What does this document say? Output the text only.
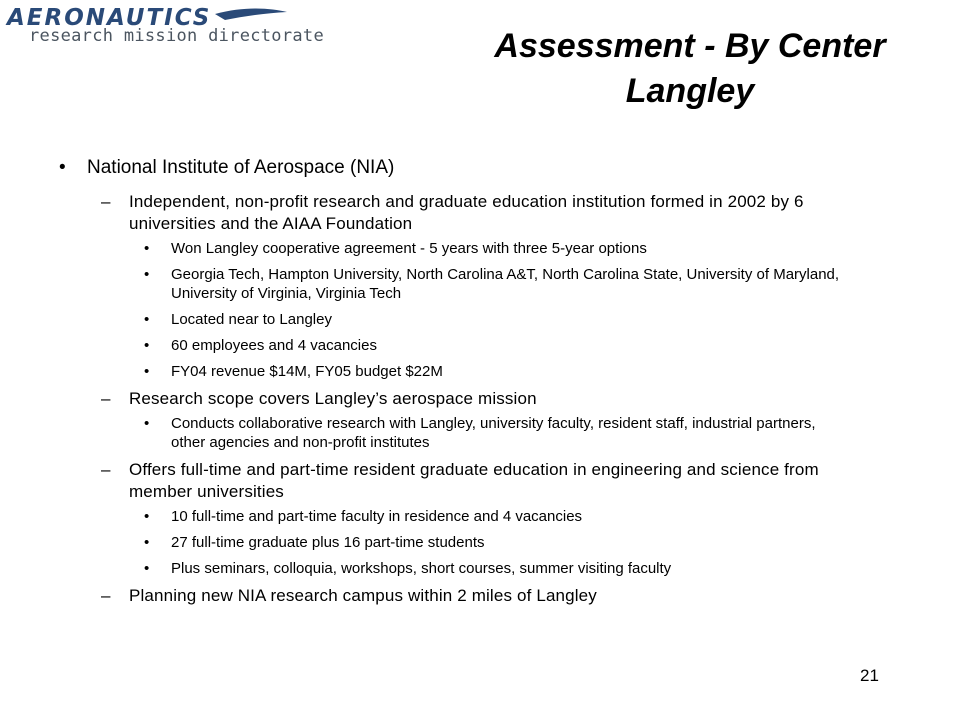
AERONAUTICS
research mission directorate	Assessment - By Center
Langley
• National Institute of Aerospace (NIA)
– Independent, non-profit research and graduate education institution formed in 2002 by 6 universities and the AIAA Foundation
• Won Langley cooperative agreement - 5 years with three 5-year options
• Georgia Tech, Hampton University, North Carolina A&T, North Carolina State, University of Maryland, University of Virginia, Virginia Tech
• Located near to Langley
• 60 employees and 4 vacancies
• FY04 revenue $14M, FY05 budget $22M
– Research scope covers Langley’s aerospace mission
• Conducts collaborative research with Langley, university faculty, resident staff, industrial partners, other agencies and non-profit institutes
– Offers full-time and part-time resident graduate education in engineering and science from member universities
• 10 full-time and part-time faculty in residence and 4 vacancies
• 27 full-time graduate plus 16 part-time students
• Plus seminars, colloquia, workshops, short courses, summer visiting faculty
– Planning new NIA research campus within 2 miles of Langley
21
